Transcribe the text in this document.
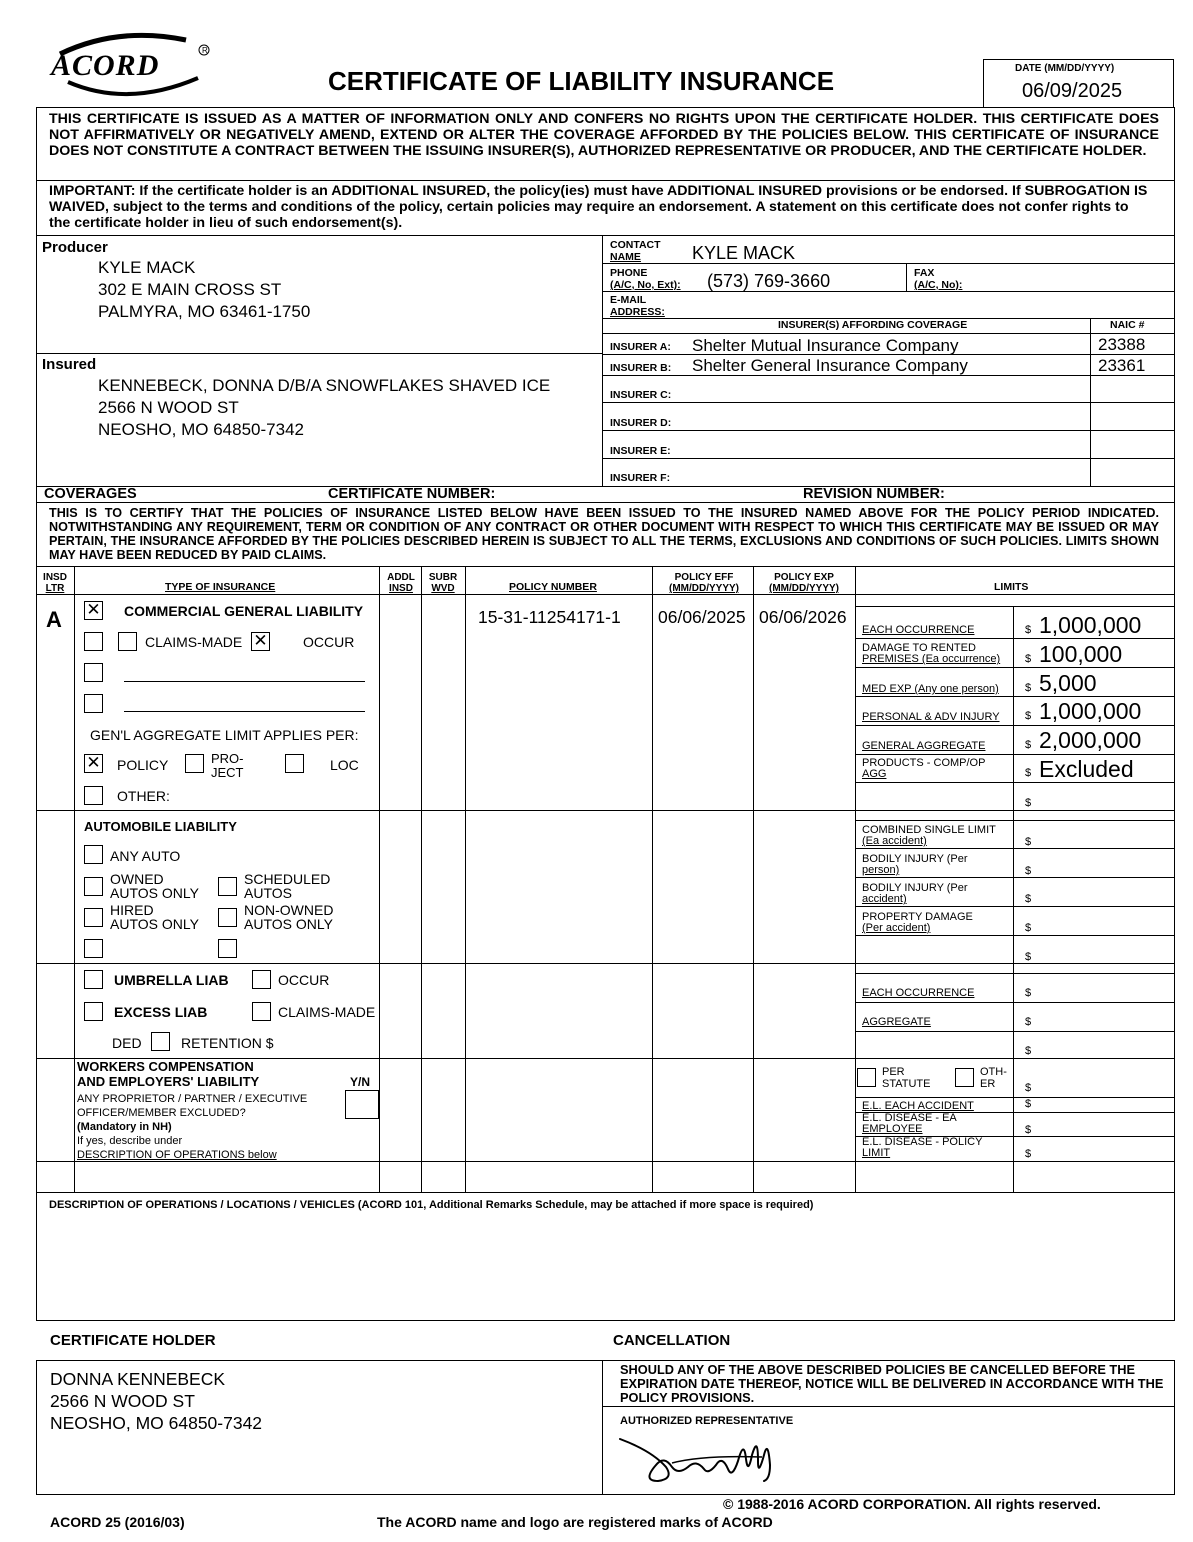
R
ACORD	CERTIFICATE OF LIABILITY INSURANCE	DATE (MM/DD/YYYY)
06/09/2025
THIS CERTIFICATE IS ISSUED AS A MATTER OF INFORMATION ONLY AND CONFERS NO RIGHTS UPON THE CERTIFICATE HOLDER. THIS CERTIFICATE DOES NOT AFFIRMATIVELY OR NEGATIVELY AMEND, EXTEND OR ALTER THE COVERAGE AFFORDED BY THE POLICIES BELOW. THIS CERTIFICATE OF INSURANCE DOES NOT CONSTITUTE A CONTRACT BETWEEN THE ISSUING INSURER(S), AUTHORIZED REPRESENTATIVE OR PRODUCER, AND THE CERTIFICATE HOLDER.
IMPORTANT: If the certificate holder is an ADDITIONAL INSURED, the policy(ies) must have ADDITIONAL INSURED provisions or be endorsed. If SUBROGATION IS WAIVED, subject to the terms and conditions of the policy, certain policies may require an endorsement. A statement on this certificate does not confer rights to the certificate holder in lieu of such endorsement(s).
Producer
KYLE MACK
302 E MAIN CROSS ST
PALMYRA, MO 63461-1750
CONTACT
NAME	KYLE MACK
PHONE
(A/C, No, Ext): (573) 769-3660	FAX
(A/C, No):
E-MAIL
ADDRESS:
INSURER(S) AFFORDING COVERAGE	NAIC #
INSURER A: Shelter Mutual Insurance Company	23388
INSURER B: Shelter General Insurance Company	23361
INSURER C:
INSURER D:
INSURER E:
INSURER F:
Insured
KENNEBECK, DONNA D/B/A SNOWFLAKES SHAVED ICE
2566 N WOOD ST
NEOSHO, MO 64850-7342
COVERAGES	CERTIFICATE NUMBER:	REVISION NUMBER:
THIS IS TO CERTIFY THAT THE POLICIES OF INSURANCE LISTED BELOW HAVE BEEN ISSUED TO THE INSURED NAMED ABOVE FOR THE POLICY PERIOD INDICATED. NOTWITHSTANDING ANY REQUIREMENT, TERM OR CONDITION OF ANY CONTRACT OR OTHER DOCUMENT WITH RESPECT TO WHICH THIS CERTIFICATE MAY BE ISSUED OR MAY PERTAIN, THE INSURANCE AFFORDED BY THE POLICIES DESCRIBED HEREIN IS SUBJECT TO ALL THE TERMS, EXCLUSIONS AND CONDITIONS OF SUCH POLICIES. LIMITS SHOWN MAY HAVE BEEN REDUCED BY PAID CLAIMS.
INSD
LTR	TYPE OF INSURANCE
ADDL
INSD
SUBR
WVD	POLICY NUMBER
POLICY EFF
(MM/DD/YYYY)
POLICY EXP
(MM/DD/YYYY)	LIMITS
A ✕ COMMERCIAL GENERAL LIABILITY
CLAIMS-MADE ✕	OCCUR
GEN'L AGGREGATE LIMIT APPLIES PER:
✕ POLICY	PRO-
JECT	LOC
OTHER:
15-31-11254171-1 06/06/2025 06/06/2026
EACH OCCURRENCE	$ 1,000,000
DAMAGE TO RENTED
PREMISES (Ea occurrence)	$ 100,000
MED EXP (Any one person)	$ 5,000
PERSONAL & ADV INJURY	$ 1,000,000
GENERAL AGGREGATE	$ 2,000,000
PRODUCTS - COMP/OP
AGG	$ Excluded
$
AUTOMOBILE LIABILITY
ANY AUTO
OWNED
AUTOS ONLY
SCHEDULED
AUTOS
HIRED
AUTOS ONLY
NON-OWNED
AUTOS ONLY
COMBINED SINGLE LIMIT
(Ea accident)	$
BODILY INJURY (Per
person)	$
BODILY INJURY (Per
accident)	$
PROPERTY DAMAGE
(Per accident)	$
$
UMBRELLA LIAB	OCCUR
EXCESS LIAB	CLAIMS-MADE
DED	RETENTION $
EACH OCCURRENCE	$
AGGREGATE	$
$
WORKERS COMPENSATION
AND EMPLOYERS' LIABILITY	Y/N
ANY PROPRIETOR / PARTNER / EXECUTIVE
OFFICER/MEMBER EXCLUDED?
(Mandatory in NH)
If yes, describe under
DESCRIPTION OF OPERATIONS below
PER
STATUTE
OTH-
ER	$
E.L. EACH ACCIDENT	$
E.L. DISEASE - EA
EMPLOYEE	$
E.L. DISEASE - POLICY
LIMIT	$
DESCRIPTION OF OPERATIONS / LOCATIONS / VEHICLES (ACORD 101, Additional Remarks Schedule, may be attached if more space is required)
CERTIFICATE HOLDER	CANCELLATION
DONNA KENNEBECK
2566 N WOOD ST
NEOSHO, MO 64850-7342
SHOULD ANY OF THE ABOVE DESCRIBED POLICIES BE CANCELLED BEFORE THE EXPIRATION DATE THEREOF, NOTICE WILL BE DELIVERED IN ACCORDANCE WITH THE POLICY PROVISIONS.
AUTHORIZED REPRESENTATIVE
© 1988-2016 ACORD CORPORATION. All rights reserved.
ACORD 25 (2016/03)	The ACORD name and logo are registered marks of ACORD
